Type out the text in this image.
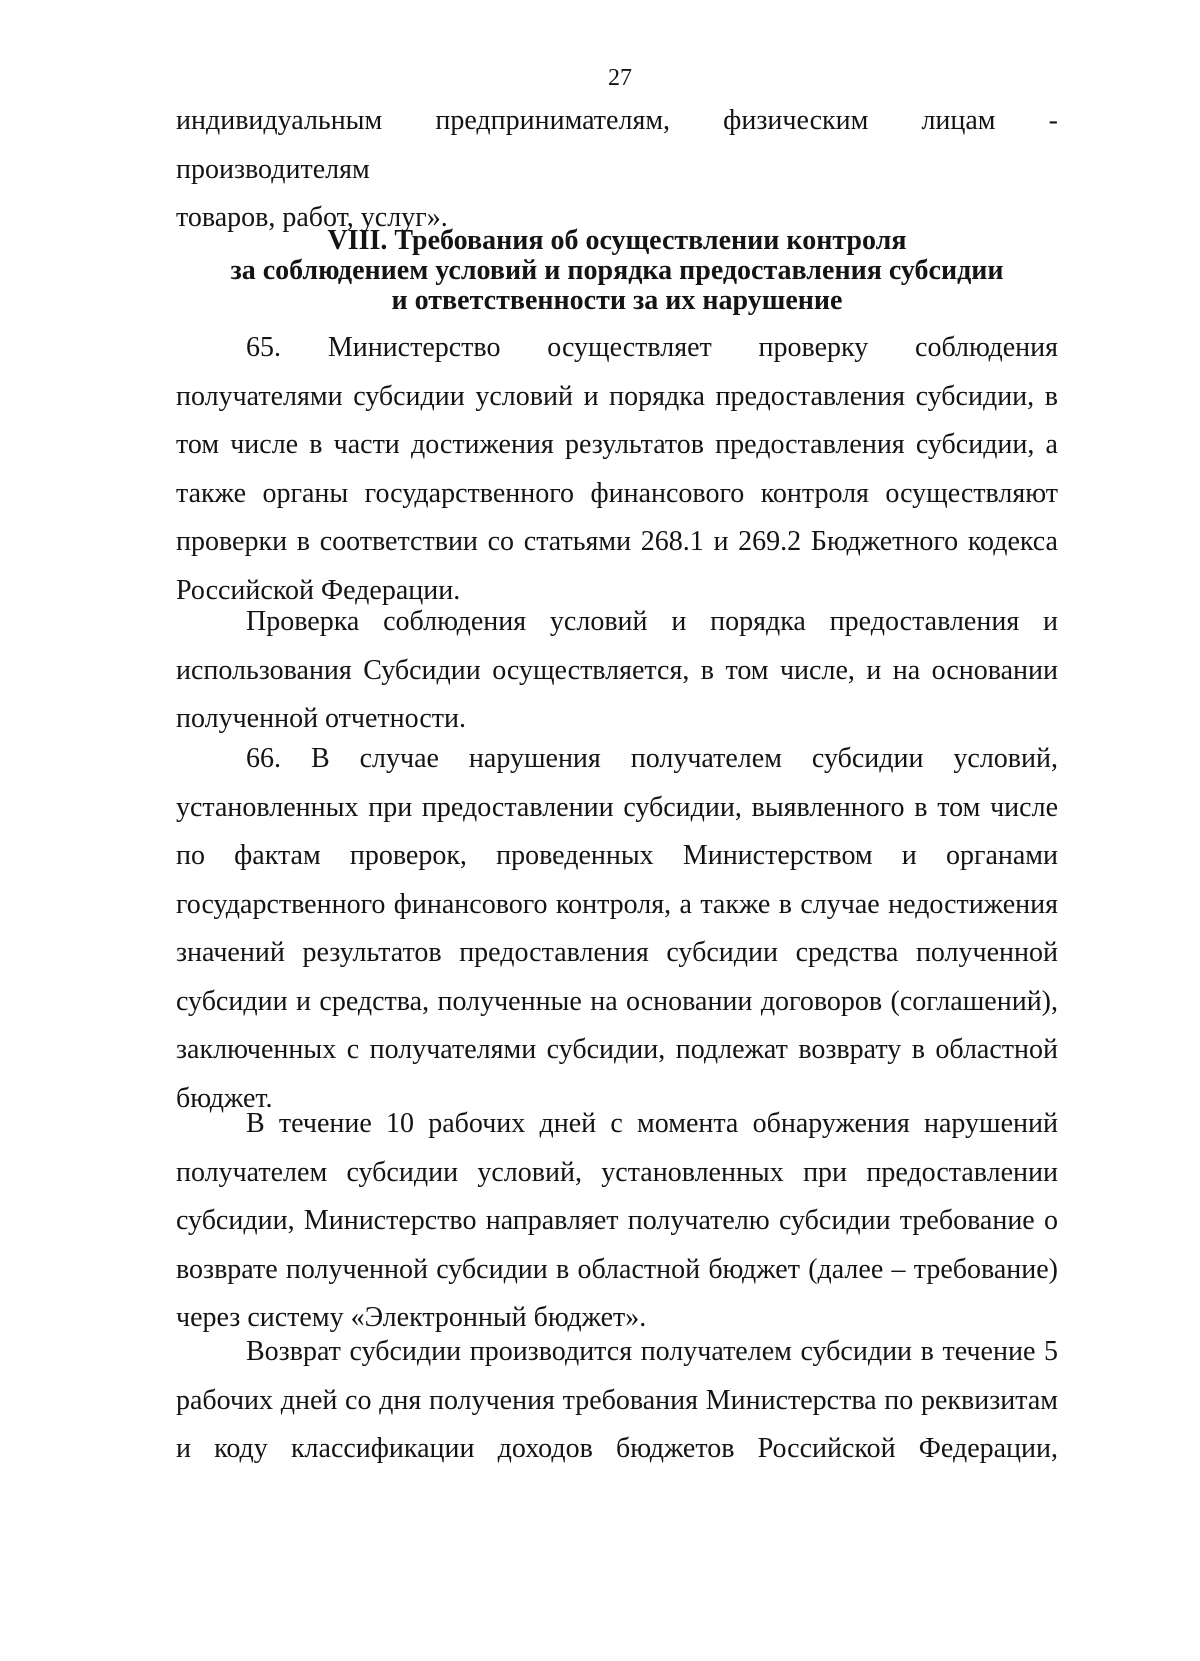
27

индивидуальным предпринимателям, физическим лицам - производителям

товаров, работ, услуг».

VIII. Требования об осуществлении контроля
за соблюдением условий и порядка предоставления субсидии
и ответственности за их нарушение

65. Министерство осуществляет проверку соблюдения получателями субсидии условий и порядка предоставления субсидии, в том числе в части достижения результатов предоставления субсидии, а также органы государственного финансового контроля осуществляют проверки в соответствии со статьями 268.1 и 269.2 Бюджетного кодекса Российской Федерации.

Проверка соблюдения условий и порядка предоставления и использования Субсидии осуществляется, в том числе, и на основании полученной отчетности.

66. В случае нарушения получателем субсидии условий, установленных при предоставлении субсидии, выявленного в том числе по фактам проверок, проведенных Министерством и органами государственного финансового контроля, а также в случае недостижения значений результатов предоставления субсидии средства полученной субсидии и средства, полученные на основании договоров (соглашений), заключенных с получателями субсидии, подлежат возврату в областной бюджет.

В течение 10 рабочих дней с момента обнаружения нарушений получателем субсидии условий, установленных при предоставлении субсидии, Министерство направляет получателю субсидии требование о возврате полученной субсидии в областной бюджет (далее – требование) через систему «Электронный бюджет».

Возврат субсидии производится получателем субсидии в течение 5 рабочих дней со дня получения требования Министерства по реквизитам и коду классификации доходов бюджетов Российской Федерации,
